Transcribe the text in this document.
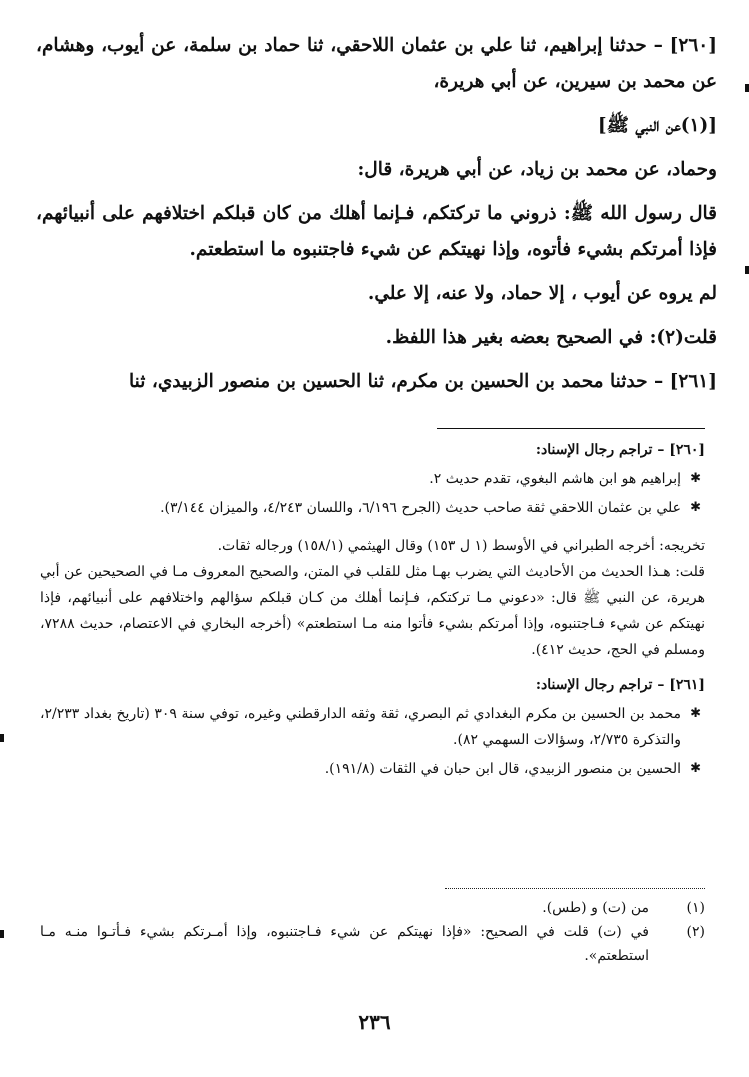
[٢٦٠] – حدثنا إبراهيم، ثنا علي بن عثمان اللاحقي، ثنا حماد بن سلمة، عن أيوب، وهشام، عن محمد بن سيرين، عن أبي هريرة،

[(١)عن النبي ﷺ]

وحماد، عن محمد بن زياد، عن أبي هريرة، قال:

قال رسول الله ﷺ: ذروني ما تركتكم، فـإنما أهلك من كان قبلكم اختلافهم على أنبيائهم، فإذا أمرتكم بشيء فأتوه، وإذا نهيتكم عن شيء فاجتنبوه ما استطعتم.

لم يروه عن أيوب ، إلا حماد، ولا عنه، إلا علي.

قلت(٢): في الصحيح بعضه بغير هذا اللفظ.

[٢٦١] – حدثنا محمد بن الحسين بن مكرم، ثنا الحسين بن منصور الزبيدي، ثنا

[٢٦٠] – تراجم رجال الإسناد:
✱ إبراهيم هو ابن هاشم البغوي، تقدم حديث ٢.
✱ علي بن عثمان اللاحقي ثقة صاحب حديث (الجرح ٦/١٩٦، واللسان ٤/٢٤٣، والميزان ٣/١٤٤).
تخريجه: أخرجه الطبراني في الأوسط (١ ل ١٥٣) وقال الهيثمي (١٥٨/١) ورجاله ثقات.
قلت: هـذا الحديث من الأحاديث التي يضرب بهـا مثل للقلب في المتن، والصحيح المعروف مـا في الصحيحين عن أبي هريرة، عن النبي ﷺ قال: «دعوني مـا تركتكم، فـإنما أهلك من كـان قبلكم سؤالهم واختلافهم على أنبيائهم، فإذا نهيتكم عن شيء فـاجتنبوه، وإذا أمرتكم بشيء فأتوا منه مـا استطعتم» (أخرجه البخاري في الاعتصام، حديث ٧٢٨٨، ومسلم في الحج، حديث ٤١٢).
[٢٦١] – تراجم رجال الإسناد:
✱ محمد بن الحسين بن مكرم البغدادي ثم البصري، ثقة وثقه الدارقطني وغيره، توفي سنة ٣٠٩ (تاريخ بغداد ٢/٢٣٣، والتذكرة ٢/٧٣٥، وسؤالات السهمي ٨٢).
✱ الحسين بن منصور الزبيدي، قال ابن حبان في الثقات (١٩١/٨).
(١)
من (ت) و (طس).
(٢)
في (ت) قلت في الصحيح: «فإذا نهيتكم عن شيء فـاجتنبوه، وإذا أمـرتكم بشيء فـأتـوا منـه مـا استطعتم».
٢٣٦
